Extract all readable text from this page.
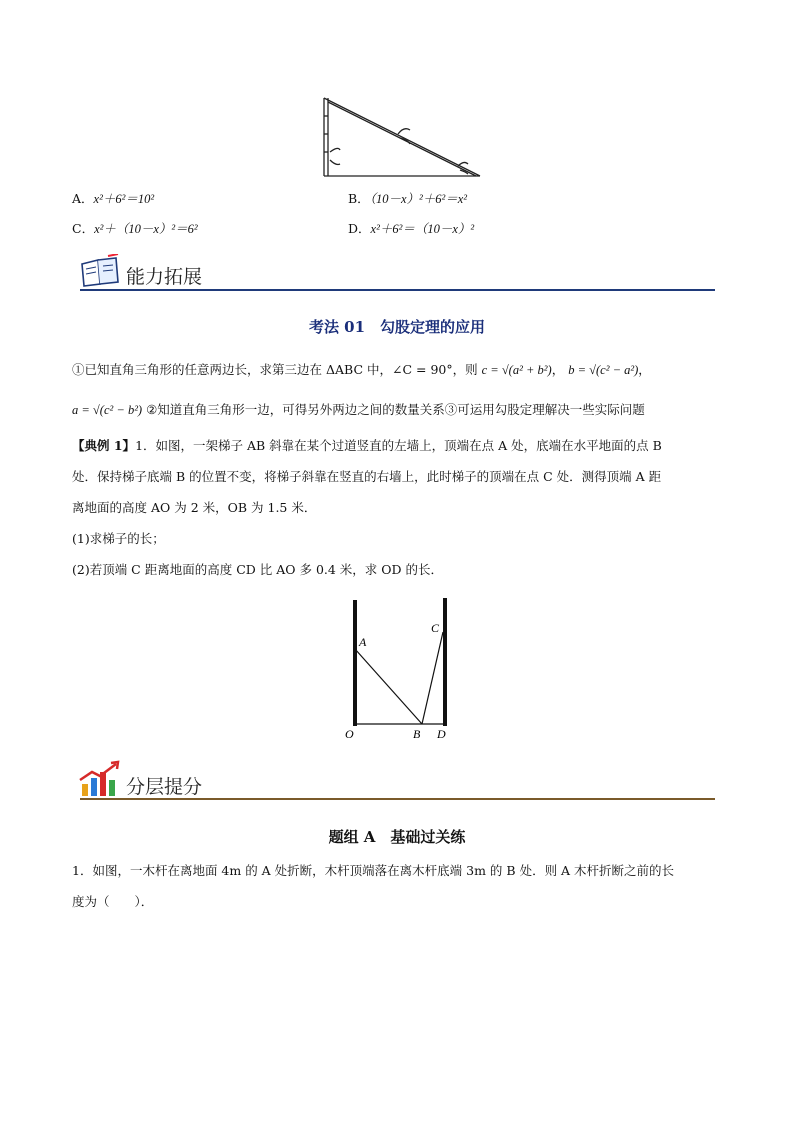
A．x²＋6²＝10²	B．（10－x）²＋6²＝x²
C．x²＋（10－x）²＝6²	D．x²＋6²＝（10－x）²
能力拓展
考法 01　勾股定理的应用
①已知直角三角形的任意两边长，求第三边在 ΔABC 中，∠C = 90°，则 c = √(a² + b²)， b = √(c² − a²)，
a = √(c² − b²) ②知道直角三角形一边，可得另外两边之间的数量关系③可运用勾股定理解决一些实际问题
【典例 1】1．如图，一架梯子 AB 斜靠在某个过道竖直的左墙上，顶端在点 A 处，底端在水平地面的点 B
处．保持梯子底端 B 的位置不变，将梯子斜靠在竖直的右墙上，此时梯子的顶端在点 C 处．测得顶端 A 距
离地面的高度 AO 为 2 米，OB 为 1.5 米．
(1)求梯子的长；
(2)若顶端 C 距离地面的高度 CD 比 AO 多 0.4 米，求 OD 的长．
A
C
O	B D
分层提分
题组 A　基础过关练
1．如图，一木杆在离地面 4m 的 A 处折断，木杆顶端落在离木杆底端 3m 的 B 处．则 A 木杆折断之前的长
度为（　　）．
